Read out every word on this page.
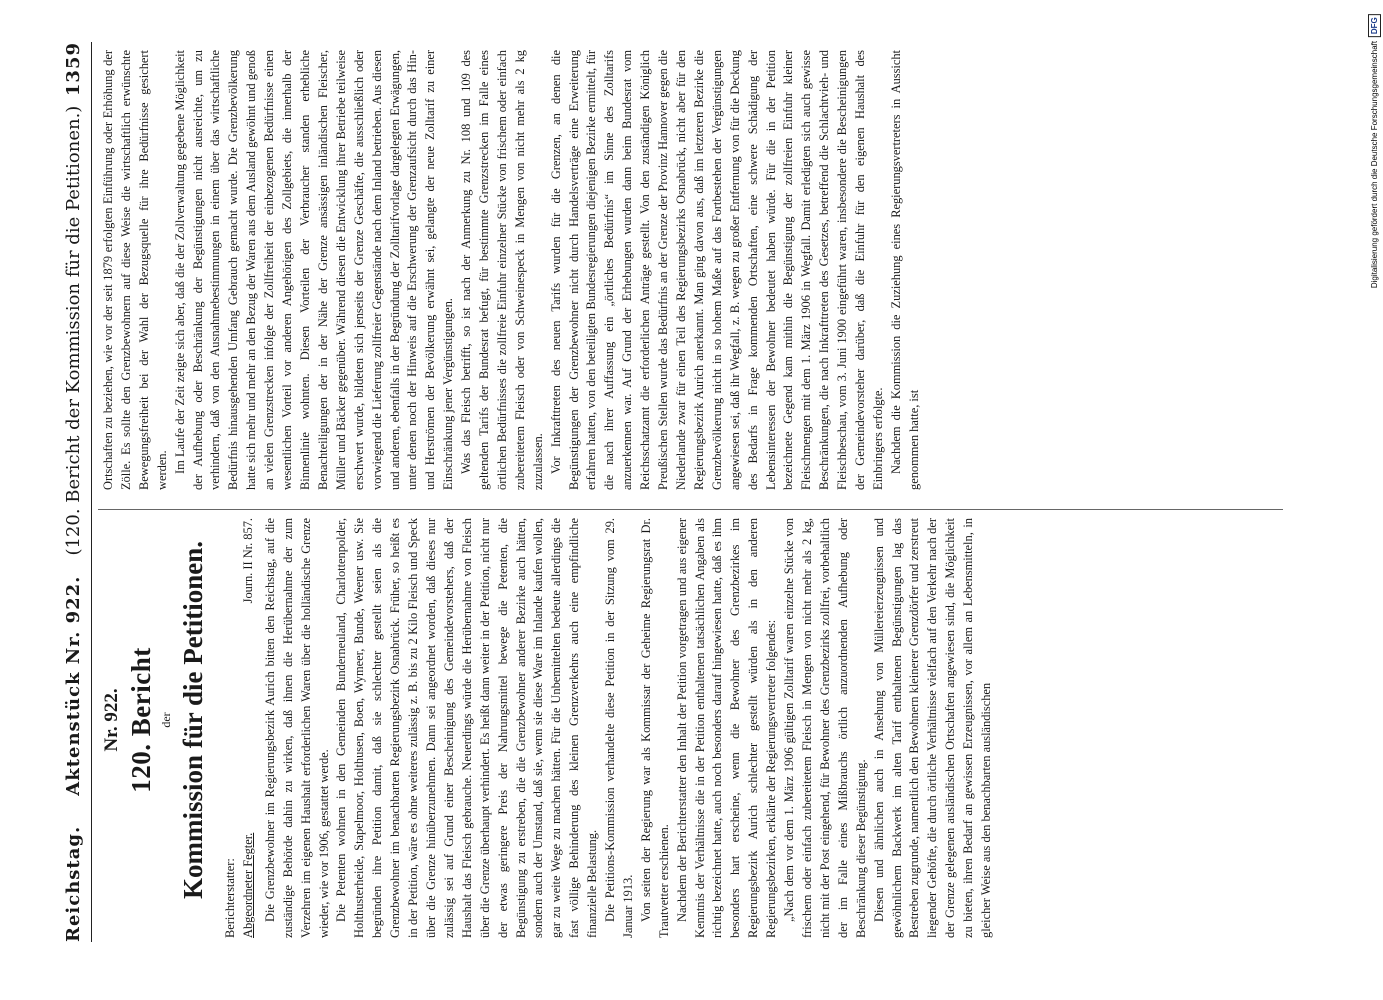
Reichstag.
Aktenstück Nr. 922.
(120. Bericht der Kommission für die Petitionen.)
1359

Nr. 922. 120. Bericht der Kommission für die Petitionen.	Berichterstatter: Abgeordneter Fegter.
Journ. II Nr. 857. Die Grenzbewohner im Regierungsbezirk Aurich bitten den Reichstag, auf die zuständige Behörde dahin zu wirken, daß ihnen die Herübernahme der zum Verzehren im eigenen Haushalt erforderlichen Waren über die holländische Grenze wieder, wie vor 1906, gestattet werde. Die Petenten wohnen in den Gemeinden Bunderneuland, Charlottenpolder, Holthusterheide, Stapelmoor, Holthusen, Boen, Wymeer, Bunde, Weener usw. Sie begründen ihre Petition damit, daß sie schlechter gestellt seien als die Grenzbewohner im benachbarten Regierungsbezirk Osnabrück. Früher, so heißt es in der Petition, wäre es ohne weiteres zulässig z. B. bis zu 2 Kilo Fleisch und Speck über die Grenze hinüberzunehmen. Dann sei angeordnet worden, daß dieses nur zulässig sei auf Grund einer Bescheinigung des Gemeindevorstehers, daß der Haushalt das Fleisch gebrauche. Neuerdings würde die Herübernahme von Fleisch über die Grenze überhaupt verhindert. Es heißt dann weiter in der Petition, nicht nur der etwas geringere Preis der Nahrungsmittel bewege die Petenten, die Begünstigung zu erstreben, die die Grenzbewohner anderer Bezirke auch hätten, sondern auch der Umstand, daß sie, wenn sie diese Ware im Inlande kaufen wollen, gar zu weite Wege zu machen hätten. Für die Unbemittelten bedeute allerdings die fast völlige Behinderung des kleinen Grenzverkehrs auch eine empfindliche finanzielle Belastung. Die Petitions-Kommission verhandelte diese Petition in der Sitzung vom 29. Januar 1913. Von seiten der Regierung war als Kommissar der Geheime Regierungsrat Dr. Trautvetter erschienen. Nachdem der Berichterstatter den Inhalt der Petition vorgetragen und aus eigener Kenntnis der Verhältnisse die in der Petition enthaltenen tatsächlichen Angaben als richtig bezeichnet hatte, auch noch besonders darauf hingewiesen hatte, daß es ihm besonders hart erscheine, wenn die Bewohner des Grenzbezirkes im Regierungsbezirk Aurich schlechter gestellt würden als in den anderen Regierungsbezirken, erklärte der Regierungsvertreter folgendes: „Nach dem vor dem 1. März 1906 gültigen Zolltarif waren einzelne Stücke von frischem oder einfach zubereitetem Fleisch in Mengen von nicht mehr als 2 kg, nicht mit der Post eingehend, für Bewohner des Grenzbezirks zollfrei, vorbehaltlich der im Falle eines Mißbrauchs örtlich anzuordnenden Aufhebung oder Beschränkung dieser Begünstigung. Diesen und ähnlichen auch in Ansehung von Müllereierzeugnissen und gewöhnlichem Backwerk im alten Tarif enthaltenen Begünstigungen lag das Bestreben zugrunde, namentlich den Bewohnern kleinerer Grenzdörfer und zerstreut liegender Gehöfte, die durch örtliche Verhältnisse vielfach auf den Verkehr nach der der Grenze gelegenen ausländischen Ortschaften angewiesen sind, die Möglichkeit zu bieten, ihren Bedarf an gewissen Erzeugnissen, vor allem an Lebensmitteln, in gleicher Weise aus den benachbarten ausländischen

Ortschaften zu beziehen, wie vor der seit 1879 erfolgten Einführung oder Erhöhung der Zölle. Es sollte den Grenzbewohnern auf diese Weise die wirtschaftlich erwünschte Bewegungsfreiheit bei der Wahl der Bezugsquelle für ihre Bedürfnisse gesichert werden. Im Laufe der Zeit zeigte sich aber, daß die der Zollverwaltung gegebene Möglichkeit der Aufhebung oder Beschränkung der Begünstigungen nicht ausreichte, um zu verhindern, daß von den Ausnahmebestimmungen in einem über das wirtschaftliche Bedürfnis hinausgehenden Umfang Gebrauch gemacht wurde. Die Grenzbevölkerung hatte sich mehr und mehr an den Bezug der Waren aus dem Ausland gewöhnt und genoß an vielen Grenzstrecken infolge der Zollfreiheit der einbezogenen Bedürfnisse einen wesentlichen Vorteil vor anderen Angehörigen des Zollgebiets, die innerhalb der Binnenlinie wohnten. Diesen Vorteilen der Verbraucher standen erhebliche Benachteiligungen der in der Nähe der Grenze ansässigen inländischen Fleischer, Müller und Bäcker gegenüber. Während diesen die Entwicklung ihrer Betriebe teilweise erschwert wurde, bildeten sich jenseits der Grenze Geschäfte, die ausschließlich oder vorwiegend die Lieferung zollfreier Gegenstände nach dem Inland betrieben. Aus diesen und anderen, ebenfalls in der Begründung der Zolltarifvorlage dargelegten Erwägungen, unter denen noch der Hinweis auf die Erschwerung der Grenzaufsicht durch das Hin- und Herströmen der Bevölkerung erwähnt sei, gelangte der neue Zolltarif zu einer Einschränkung jener Vergünstigungen. Was das Fleisch betrifft, so ist nach der Anmerkung zu Nr. 108 und 109 des geltenden Tarifs der Bundesrat befugt, für bestimmte Grenzstrecken im Falle eines örtlichen Bedürfnisses die zollfreie Einfuhr einzelner Stücke von frischem oder einfach zubereitetem Fleisch oder von Schweinespeck in Mengen von nicht mehr als 2 kg zuzulassen. Vor Inkrafttreten des neuen Tarifs wurden für die Grenzen, an denen die Begünstigungen der Grenzbewohner nicht durch Handelsverträge eine Erweiterung erfahren hatten, von den beteiligten Bundesregierungen diejenigen Bezirke ermittelt, für die nach ihrer Auffassung ein „örtliches Bedürfnis“ im Sinne des Zolltarifs anzuerkennen war. Auf Grund der Erhebungen wurden dann beim Bundesrat vom Reichsschatzamt die erforderlichen Anträge gestellt. Von den zuständigen Königlich Preußischen Stellen wurde das Bedürfnis an der Grenze der Provinz Hannover gegen die Niederlande zwar für einen Teil des Regierungsbezirks Osnabrück, nicht aber für den Regierungsbezirk Aurich anerkannt. Man ging davon aus, daß im letzteren Bezirke die Grenzbevölkerung nicht in so hohem Maße auf das Fortbestehen der Vergünstigungen angewiesen sei, daß ihr Wegfall, z. B. wegen zu großer Entfernung von für die Deckung des Bedarfs in Frage kommenden Ortschaften, eine schwere Schädigung der Lebensinteressen der Bewohner bedeutet haben würde. Für die in der Petition bezeichnete Gegend kam mithin die Begünstigung der zollfreien Einfuhr kleiner Fleischmengen mit dem 1. März 1906 in Wegfall. Damit erledigten sich auch gewisse Beschränkungen, die nach Inkrafttreten des Gesetzes, betreffend die Schlachtvieh- und Fleischbeschau, vom 3. Juni 1900 eingeführt waren, insbesondere die Bescheinigungen der Gemeindevorsteher darüber, daß die Einfuhr für den eigenen Haushalt des Einbringers erfolgte. Nachdem die Kommission die Zuziehung eines Regierungsvertreters in Aussicht genommen hatte, ist

Digitalisierung gefördert durch die Deutsche Forschungsgemeinschaft
DFG
